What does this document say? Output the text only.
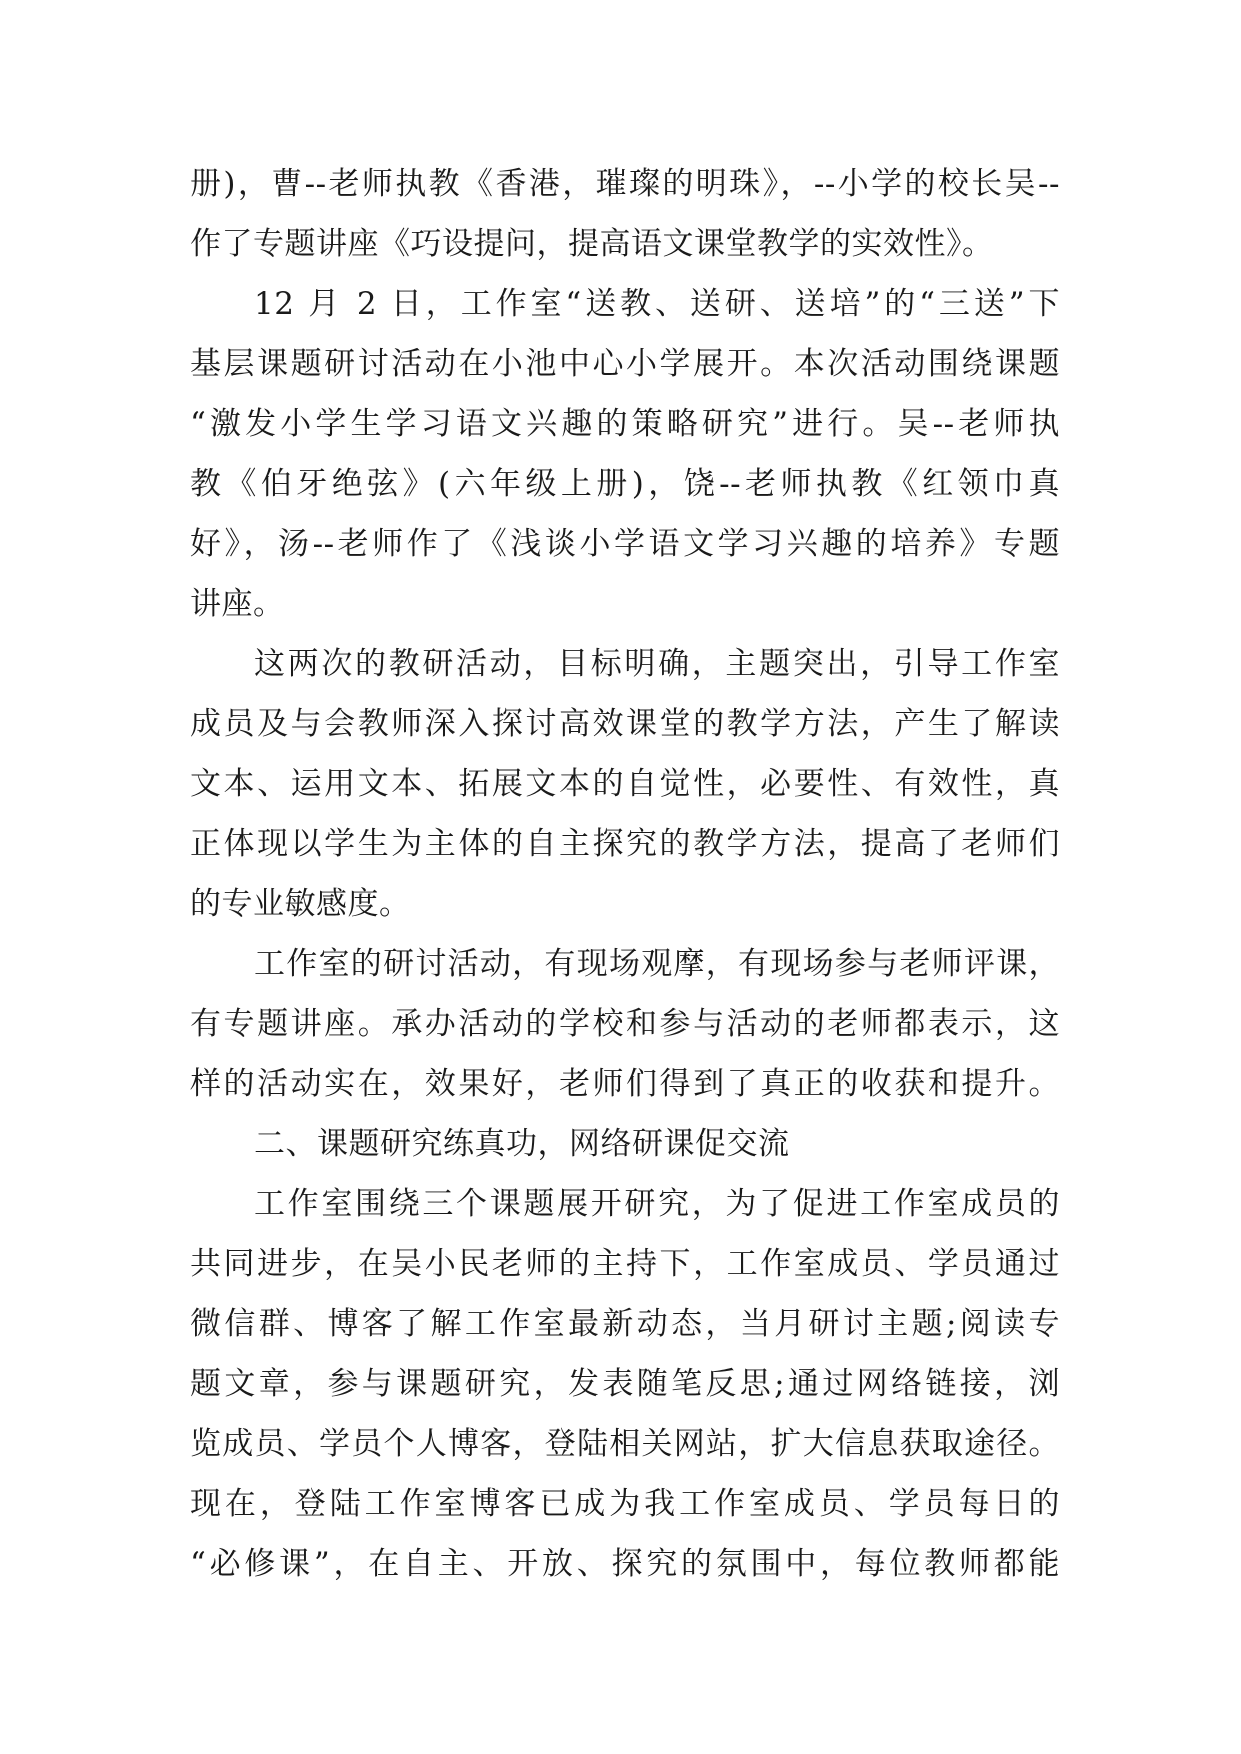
册)，曹--老师执教《香港，璀璨的明珠》，--小学的校长吴--
作了专题讲座《巧设提问，提高语文课堂教学的实效性》。
12 月 2 日，工作室“送教、送研、送培”的“三送”下
基层课题研讨活动在小池中心小学展开。本次活动围绕课题
“激发小学生学习语文兴趣的策略研究”进行。吴--老师执
教《伯牙绝弦》(六年级上册)，饶--老师执教《红领巾真
好》，汤--老师作了《浅谈小学语文学习兴趣的培养》专题
讲座。
这两次的教研活动，目标明确，主题突出，引导工作室
成员及与会教师深入探讨高效课堂的教学方法，产生了解读
文本、运用文本、拓展文本的自觉性，必要性、有效性，真
正体现以学生为主体的自主探究的教学方法，提高了老师们
的专业敏感度。
工作室的研讨活动，有现场观摩，有现场参与老师评课，
有专题讲座。承办活动的学校和参与活动的老师都表示，这
样的活动实在，效果好，老师们得到了真正的收获和提升。
二、课题研究练真功，网络研课促交流
工作室围绕三个课题展开研究，为了促进工作室成员的
共同进步，在吴小民老师的主持下，工作室成员、学员通过
微信群、博客了解工作室最新动态，当月研讨主题;阅读专
题文章，参与课题研究，发表随笔反思;通过网络链接，浏
览成员、学员个人博客，登陆相关网站，扩大信息获取途径。
现在，登陆工作室博客已成为我工作室成员、学员每日的
“必修课”，在自主、开放、探究的氛围中，每位教师都能
